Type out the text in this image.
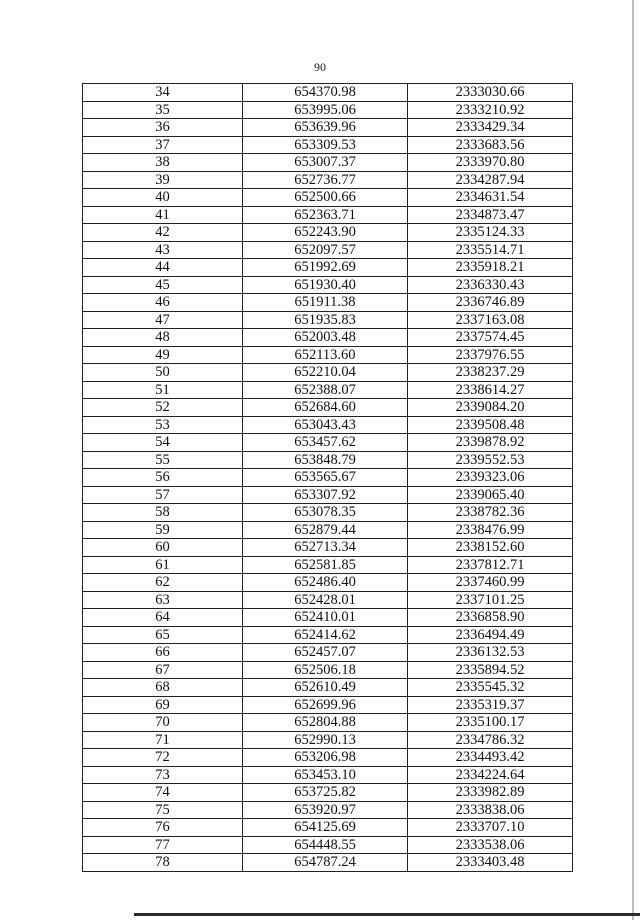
90
34	654370.98	2333030.66
35	653995.06	2333210.92
36	653639.96	2333429.34
37	653309.53	2333683.56
38	653007.37	2333970.80
39	652736.77	2334287.94
40	652500.66	2334631.54
41	652363.71	2334873.47
42	652243.90	2335124.33
43	652097.57	2335514.71
44	651992.69	2335918.21
45	651930.40	2336330.43
46	651911.38	2336746.89
47	651935.83	2337163.08
48	652003.48	2337574.45
49	652113.60	2337976.55
50	652210.04	2338237.29
51	652388.07	2338614.27
52	652684.60	2339084.20
53	653043.43	2339508.48
54	653457.62	2339878.92
55	653848.79	2339552.53
56	653565.67	2339323.06
57	653307.92	2339065.40
58	653078.35	2338782.36
59	652879.44	2338476.99
60	652713.34	2338152.60
61	652581.85	2337812.71
62	652486.40	2337460.99
63	652428.01	2337101.25
64	652410.01	2336858.90
65	652414.62	2336494.49
66	652457.07	2336132.53
67	652506.18	2335894.52
68	652610.49	2335545.32
69	652699.96	2335319.37
70	652804.88	2335100.17
71	652990.13	2334786.32
72	653206.98	2334493.42
73	653453.10	2334224.64
74	653725.82	2333982.89
75	653920.97	2333838.06
76	654125.69	2333707.10
77	654448.55	2333538.06
78	654787.24	2333403.48
